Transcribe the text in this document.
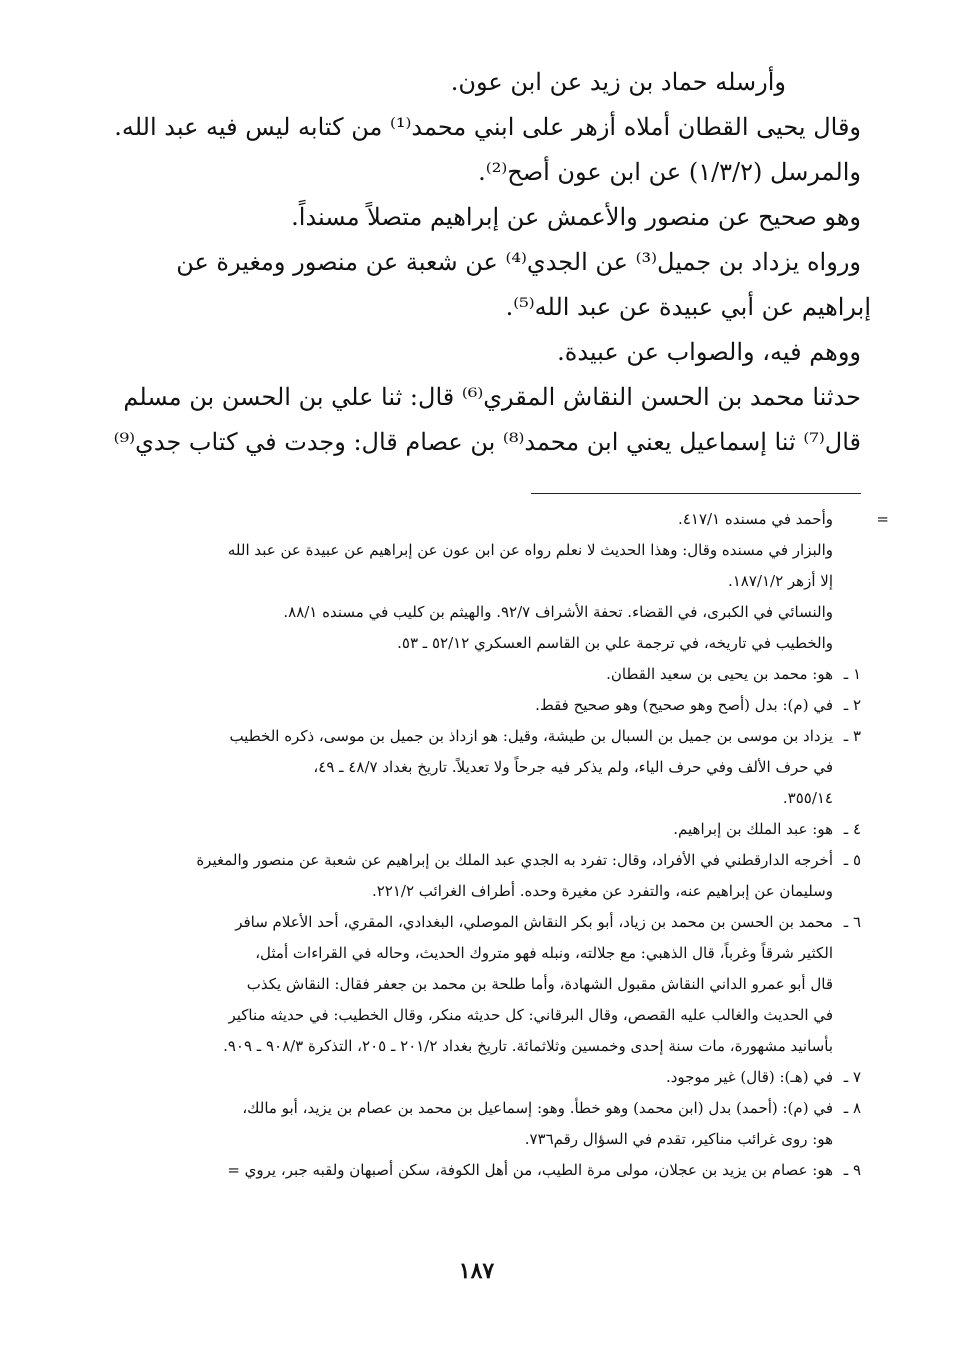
وأرسله حماد بن زيد عن ابن عون.

وقال يحيى القطان أملاه أزهر على ابني محمد⁽¹⁾ من كتابه ليس فيه عبد الله.

والمرسل (١/٣/٢) عن ابن عون أصح⁽²⁾.

وهو صحيح عن منصور والأعمش عن إبراهيم متصلاً مسنداً.

ورواه يزداد بن جميل⁽³⁾ عن الجدي⁽⁴⁾ عن شعبة عن منصور ومغيرة عن

إبراهيم عن أبي عبيدة عن عبد الله⁽⁵⁾.

ووهم فيه، والصواب عن عبيدة.

حدثنا محمد بن الحسن النقاش المقري⁽⁶⁾ قال: ثنا علي بن الحسن بن مسلم

قال⁽⁷⁾ ثنا إسماعيل يعني ابن محمد⁽⁸⁾ بن عصام قال: وجدت في كتاب جدي⁽⁹⁾

=
وأحمد في مسنده ٤١٧/١.
والبزار في مسنده وقال: وهذا الحديث لا نعلم رواه عن ابن عون عن إبراهيم عن عبيدة عن عبد الله
إلا أزهر ١٨٧/١/٢.
والنسائي في الكبرى، في القضاء. تحفة الأشراف ٩٢/٧. والهيثم بن كليب في مسنده ٨٨/١.
والخطيب في تاريخه، في ترجمة علي بن القاسم العسكري ٥٢/١٢ ـ ٥٣.
١ ـ
هو: محمد بن يحيى بن سعيد القطان.
٢ ـ
في (م): بدل (أصح وهو صحيح) وهو صحيح فقط.
٣ ـ
يزداد بن موسى بن جميل بن السبال بن طيشة، وقيل: هو ازداذ بن جميل بن موسى، ذكره الخطيب
في حرف الألف وفي حرف الياء، ولم يذكر فيه جرحاً ولا تعديلاً. تاريخ بغداد ٤٨/٧ ـ ٤٩،
٣٥٥/١٤.
٤ ـ
هو: عبد الملك بن إبراهيم.
٥ ـ
أخرجه الدارقطني في الأفراد، وقال: تفرد به الجدي عبد الملك بن إبراهيم عن شعبة عن منصور والمغيرة
وسليمان عن إبراهيم عنه، والتفرد عن مغيرة وحده. أطراف الغرائب ٢٢١/٢.
٦ ـ
محمد بن الحسن بن محمد بن زياد، أبو بكر النقاش الموصلي، البغدادي، المقري، أحد الأعلام سافر
الكثير شرقاً وغرباً، قال الذهبي: مع جلالته، ونبله فهو متروك الحديث، وحاله في القراءات أمثل،
قال أبو عمرو الداني النقاش مقبول الشهادة، وأما طلحة بن محمد بن جعفر فقال: النقاش يكذب
في الحديث والغالب عليه القصص، وقال البرقاني: كل حديثه منكر، وقال الخطيب: في حديثه مناكير
بأسانيد مشهورة، مات سنة إحدى وخمسين وثلاثمائة. تاريخ بغداد ٢٠١/٢ ـ ٢٠٥، التذكرة ٩٠٨/٣ ـ ٩٠٩.
٧ ـ
في (هـ): (قال) غير موجود.
٨ ـ
في (م): (أحمد) بدل (ابن محمد) وهو خطأ. وهو: إسماعيل بن محمد بن عصام بن يزيد، أبو مالك،
هو: روى غرائب مناكير، تقدم في السؤال رقم٧٣٦.
٩ ـ
هو: عصام بن يزيد بن عجلان، مولى مرة الطيب، من أهل الكوفة، سكن أصبهان ولقبه جبر، يروي =
١٨٧
